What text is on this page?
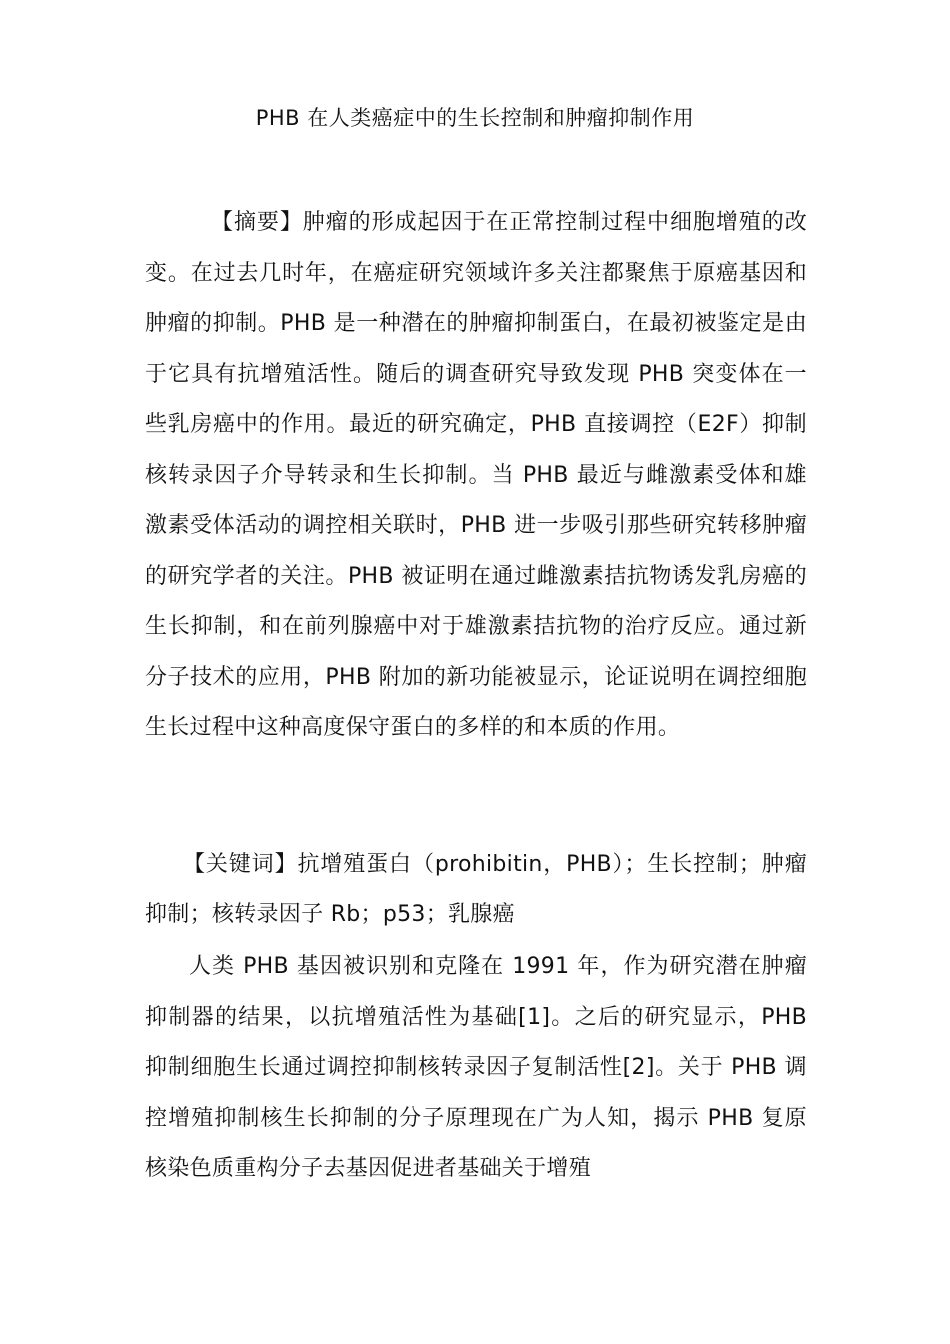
PHB 在人类癌症中的生长控制和肿瘤抑制作用

【摘要】肿瘤的形成起因于在正常控制过程中细胞增殖的改变。在过去几时年，在癌症研究领域许多关注都聚焦于原癌基因和肿瘤的抑制。PHB 是一种潜在的肿瘤抑制蛋白，在最初被鉴定是由于它具有抗增殖活性。随后的调查研究导致发现 PHB 突变体在一些乳房癌中的作用。最近的研究确定，PHB 直接调控（E2F）抑制核转录因子介导转录和生长抑制。当 PHB 最近与雌激素受体和雄激素受体活动的调控相关联时，PHB 进一步吸引那些研究转移肿瘤的研究学者的关注。PHB 被证明在通过雌激素拮抗物诱发乳房癌的生长抑制，和在前列腺癌中对于雄激素拮抗物的治疗反应。通过新分子技术的应用，PHB 附加的新功能被显示，论证说明在调控细胞生长过程中这种高度保守蛋白的多样的和本质的作用。

【关键词】抗增殖蛋白（prohibitin，PHB）；生长控制；肿瘤抑制；核转录因子 Rb；p53；乳腺癌

人类 PHB 基因被识别和克隆在 1991 年，作为研究潜在肿瘤抑制器的结果，以抗增殖活性为基础[1]。之后的研究显示，PHB 抑制细胞生长通过调控抑制核转录因子复制活性[2]。关于 PHB 调控增殖抑制核生长抑制的分子原理现在广为人知，揭示 PHB 复原核染色质重构分子去基因促进者基础关于增殖
